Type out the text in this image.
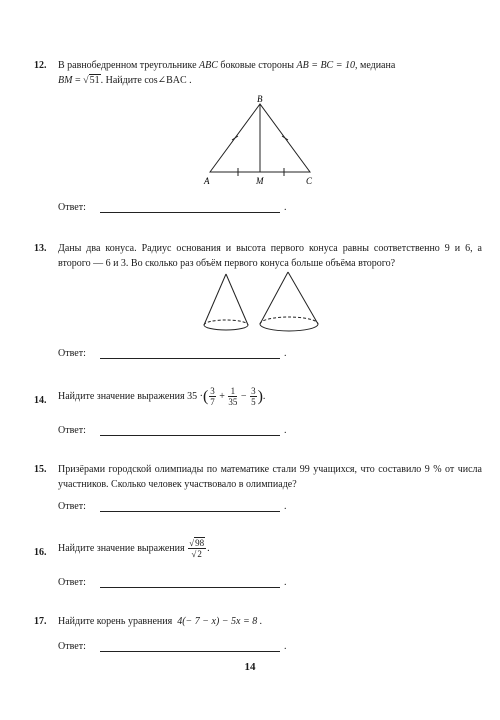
12. В равнобедренном треугольнике ABC боковые стороны AB = BC = 10, медиана
BM = √51. Найдите cos∠BAC .
B
A	M	C
Ответ:	.
13. Даны два конуса. Радиус основания и высота первого конуса равны соответственно 9 и 6, а второго — 6 и 3. Во сколько раз объём первого конуса больше объёма второго?
Ответ:	.
14. Найдите значение выражения 35 ·( $\frac{3}{7} + \frac{1}{35} - \frac{3}{5}$ ).
Ответ:	.
15. Призёрами городской олимпиады по математике стали 99 учащихся, что составило 9 % от числа участников. Сколько человек участвовало в олимпиаде?
Ответ:	.
16. Найдите значение выражения $\frac{√98}{√2}$ .
Ответ:	.
17. Найдите корень уравнения 4(− 7 − x) − 5x = 8 .
Ответ:	.
14
